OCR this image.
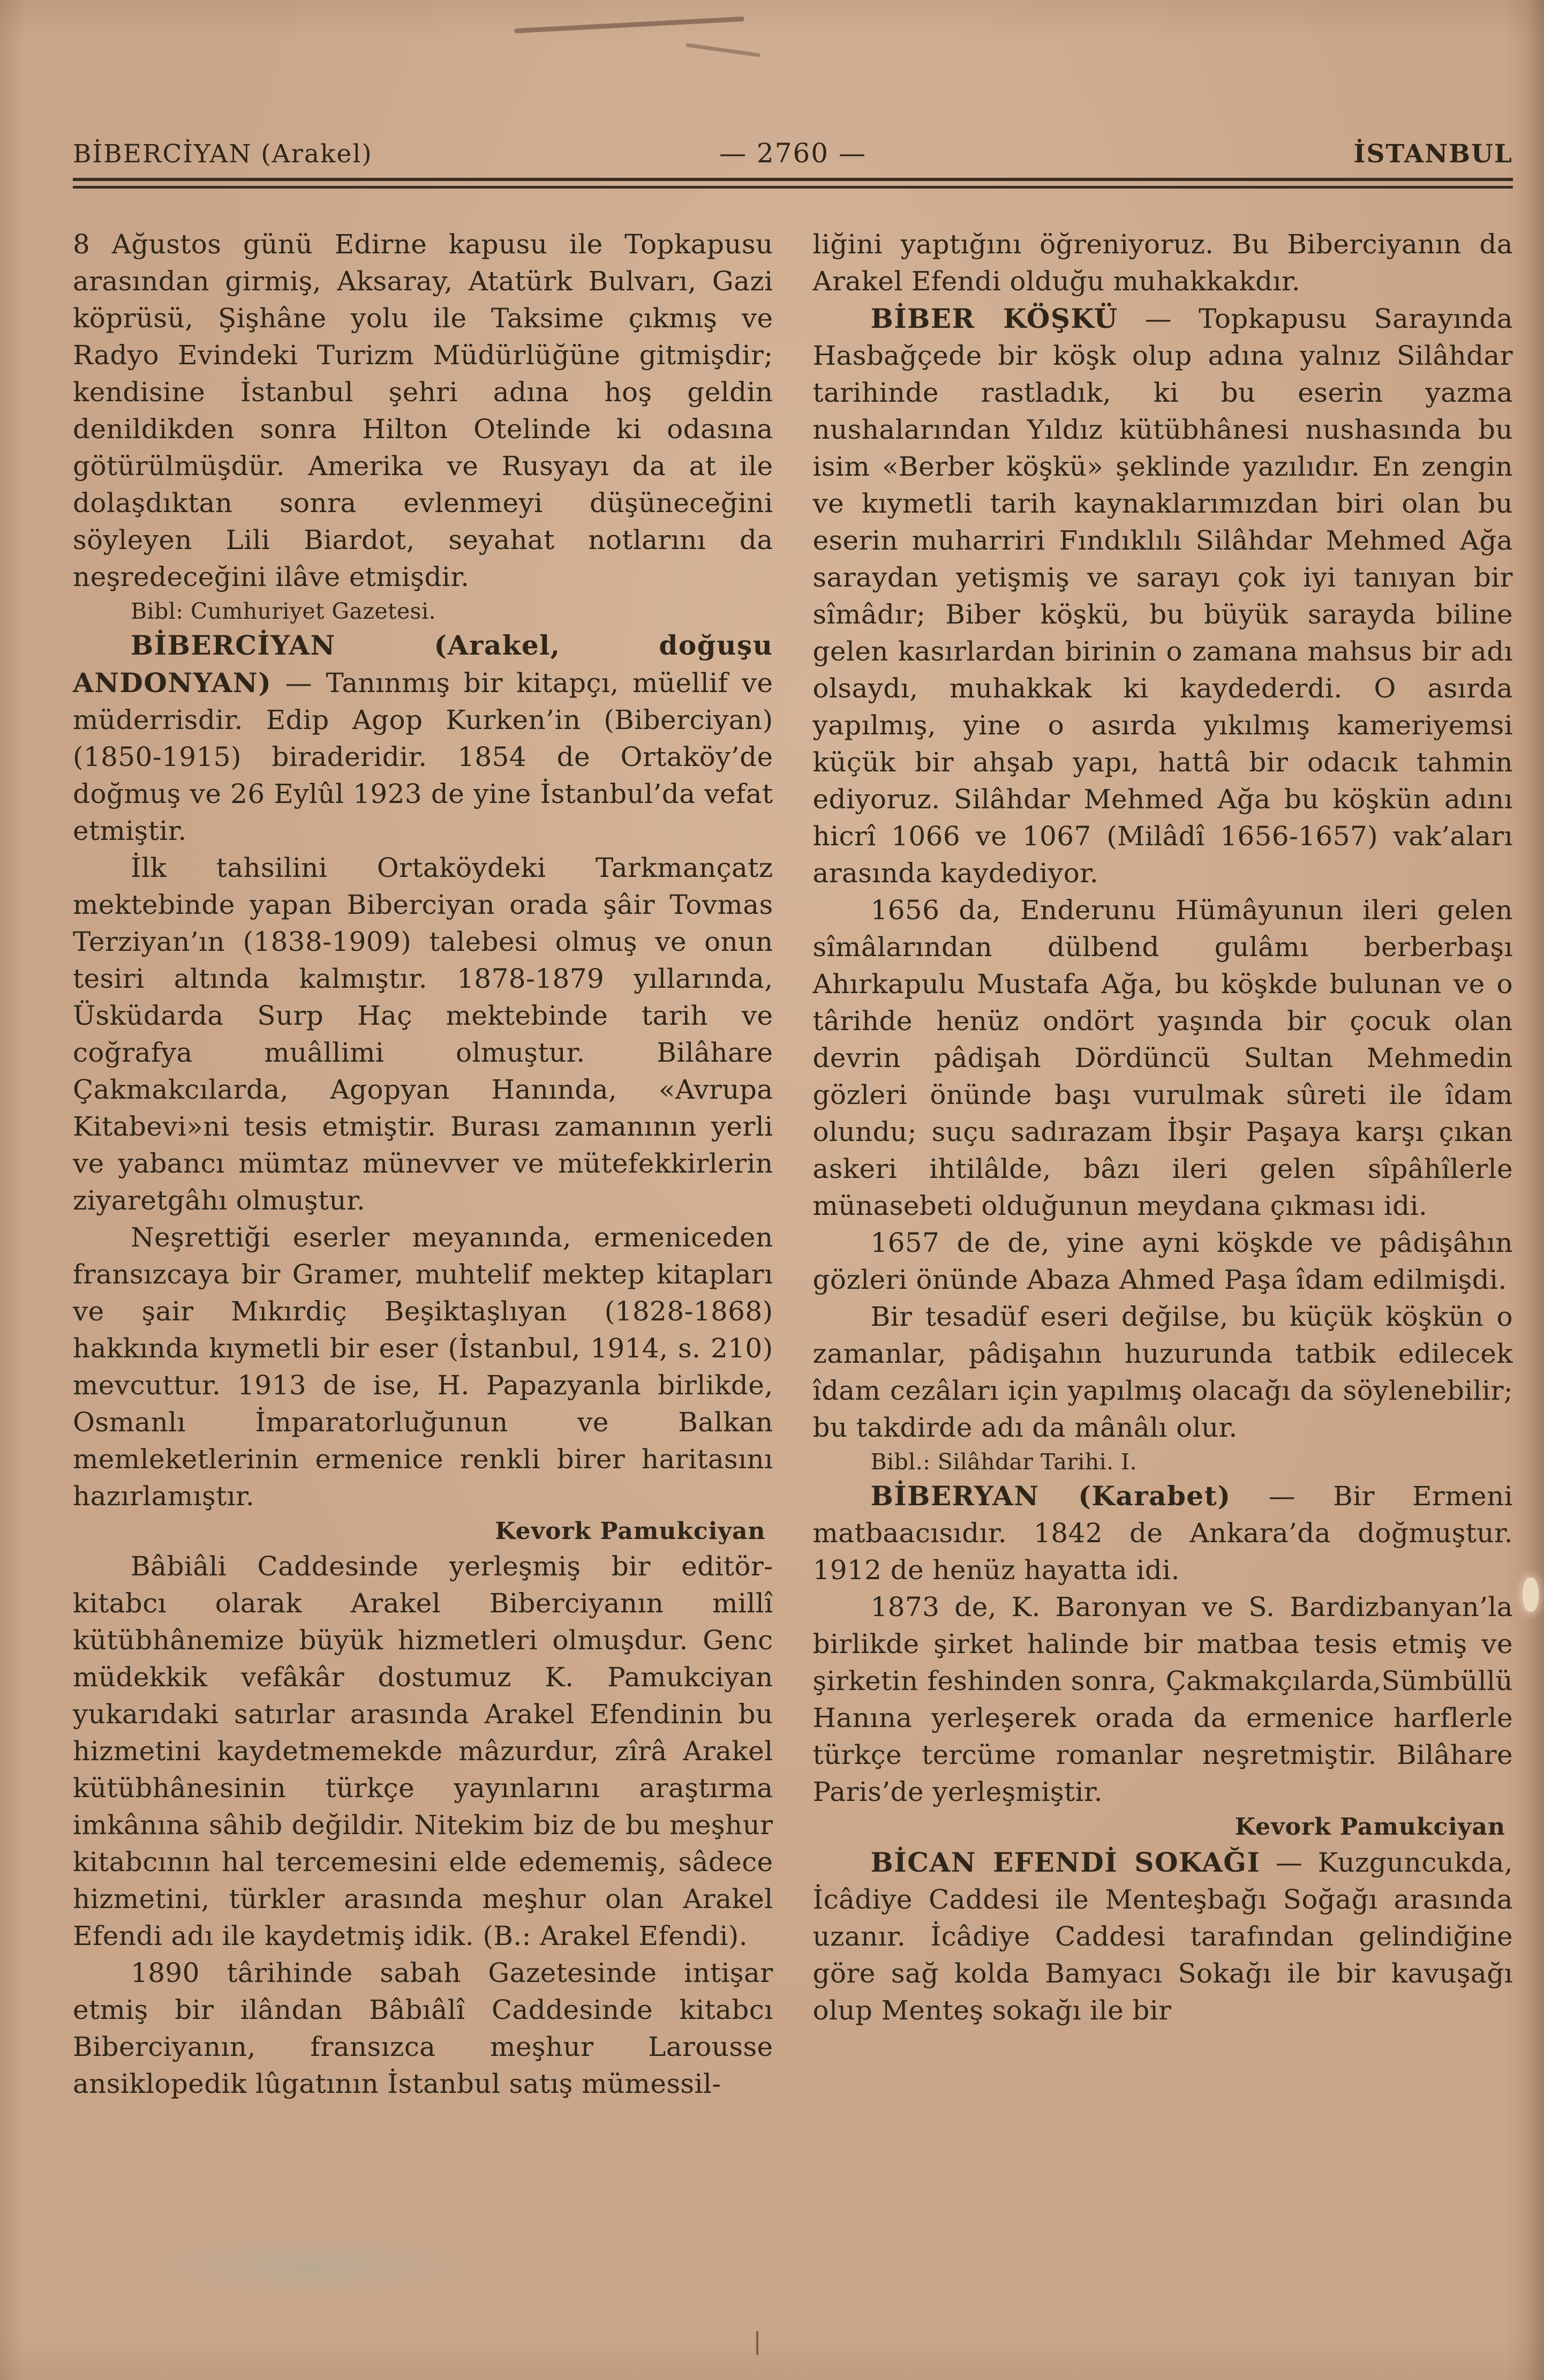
BİBERCİYAN (Arakel)	— 2760 —	İSTANBUL

8 Ağustos günü Edirne kapusu ile Topkapusu arasından girmiş, Aksaray, Atatürk Bulvarı, Gazi köprüsü, Şişhâne yolu ile Taksime çıkmış ve Radyo Evindeki Turizm Müdürlüğüne gitmişdir; kendisine İstanbul şehri adına hoş geldin denildikden sonra Hilton Otelinde ki odasına götürülmüşdür. Amerika ve Rusyayı da at ile dolaşdıktan sonra evlenmeyi düşüneceğini söyleyen Lili Biardot, seyahat notlarını da neşredeceğini ilâve etmişdir.

Bibl: Cumhuriyet Gazetesi.

BİBERCİYAN (Arakel, doğuşu ANDONYAN) — Tanınmış bir kitapçı, müellif ve müderrisdir. Edip Agop Kurken’in (Biberciyan) (1850-1915) biraderidir. 1854 de Ortaköy’de doğmuş ve 26 Eylûl 1923 de yine İstanbul’da vefat etmiştir.

İlk tahsilini Ortaköydeki Tarkmançatz mektebinde yapan Biberciyan orada şâir Tovmas Terziyan’ın (1838-1909) talebesi olmuş ve onun tesiri altında kalmıştır. 1878-1879 yıllarında, Üsküdarda Surp Haç mektebinde tarih ve coğrafya muâllimi olmuştur. Bilâhare Çakmakcılarda, Agopyan Hanında, «Avrupa Kitabevi»ni tesis etmiştir. Burası zamanının yerli ve yabancı mümtaz münevver ve mütefekkirlerin ziyaretgâhı olmuştur.

Neşrettiği eserler meyanında, ermeniceden fransızcaya bir Gramer, muhtelif mektep kitapları ve şair Mıkırdiç Beşiktaşlıyan (1828-1868) hakkında kıymetli bir eser (İstanbul, 1914, s. 210) mevcuttur. 1913 de ise, H. Papazyanla birlikde, Osmanlı İmparatorluğunun ve Balkan memleketlerinin ermenice renkli birer haritasını hazırlamıştır.

Kevork Pamukciyan

Bâbiâli Caddesinde yerleşmiş bir editör-kitabcı olarak Arakel Biberciyanın millî kütübhânemize büyük hizmetleri olmuşdur. Genc müdekkik vefâkâr dostumuz K. Pamukciyan yukarıdaki satırlar arasında Arakel Efendinin bu hizmetini kaydetmemekde mâzurdur, zîrâ Arakel kütübhânesinin türkçe yayınlarını araştırma imkânına sâhib değildir. Nitekim biz de bu meşhur kitabcının hal tercemesini elde edememiş, sâdece hizmetini, türkler arasında meşhur olan Arakel Efendi adı ile kaydetmiş idik. (B.: Arakel Efendi).

1890 târihinde sabah Gazetesinde intişar etmiş bir ilândan Bâbıâlî Caddesinde kitabcı Biberciyanın, fransızca meşhur Larousse ansiklopedik lûgatının İstanbul satış mümessil-

liğini yaptığını öğreniyoruz. Bu Biberciyanın da Arakel Efendi olduğu muhakkakdır.

BİBER KÖŞKÜ — Topkapusu Sarayında Hasbağçede bir köşk olup adına yalnız Silâhdar tarihinde rastladık, ki bu eserin yazma nushalarından Yıldız kütübhânesi nushasında bu isim «Berber köşkü» şeklinde yazılıdır. En zengin ve kıymetli tarih kaynaklarımızdan biri olan bu eserin muharriri Fındıklılı Silâhdar Mehmed Ağa saraydan yetişmiş ve sarayı çok iyi tanıyan bir sîmâdır; Biber köşkü, bu büyük sarayda biline gelen kasırlardan birinin o zamana mahsus bir adı olsaydı, muhakkak ki kaydederdi. O asırda yapılmış, yine o asırda yıkılmış kameriyemsi küçük bir ahşab yapı, hattâ bir odacık tahmin ediyoruz. Silâhdar Mehmed Ağa bu köşkün adını hicrî 1066 ve 1067 (Milâdî 1656-1657) vak’aları arasında kaydediyor.

1656 da, Enderunu Hümâyunun ileri gelen sîmâlarından dülbend gulâmı berberbaşı Ahırkapulu Mustafa Ağa, bu köşkde bulunan ve o târihde henüz ondört yaşında bir çocuk olan devrin pâdişah Dördüncü Sultan Mehmedin gözleri önünde başı vurulmak sûreti ile îdam olundu; suçu sadırazam İbşir Paşaya karşı çıkan askeri ihtilâlde, bâzı ileri gelen sîpâhîlerle münasebeti olduğunun meydana çıkması idi.

1657 de de, yine ayni köşkde ve pâdişâhın gözleri önünde Abaza Ahmed Paşa îdam edilmişdi.

Bir tesadüf eseri değilse, bu küçük köşkün o zamanlar, pâdişahın huzurunda tatbik edilecek îdam cezâları için yapılmış olacağı da söylenebilir; bu takdirde adı da mânâlı olur.

Bibl.: Silâhdar Tarihi. I.

BİBERYAN (Karabet) — Bir Ermeni matbaacısıdır. 1842 de Ankara’da doğmuştur. 1912 de henüz hayatta idi.

1873 de, K. Baronyan ve S. Bardizbanyan’la birlikde şirket halinde bir matbaa tesis etmiş ve şirketin feshinden sonra, Çakmakçılarda,Sümbüllü Hanına yerleşerek orada da ermenice harflerle türkçe tercüme romanlar neşretmiştir. Bilâhare Paris’de yerleşmiştir.

Kevork Pamukciyan

BİCAN EFENDİ SOKAĞI — Kuzguncukda, İcâdiye Caddesi ile Menteşbağı Soğağı arasında uzanır. İcâdiye Caddesi tarafından gelindiğine göre sağ kolda Bamyacı Sokağı ile bir kavuşağı olup Menteş sokağı ile bir
